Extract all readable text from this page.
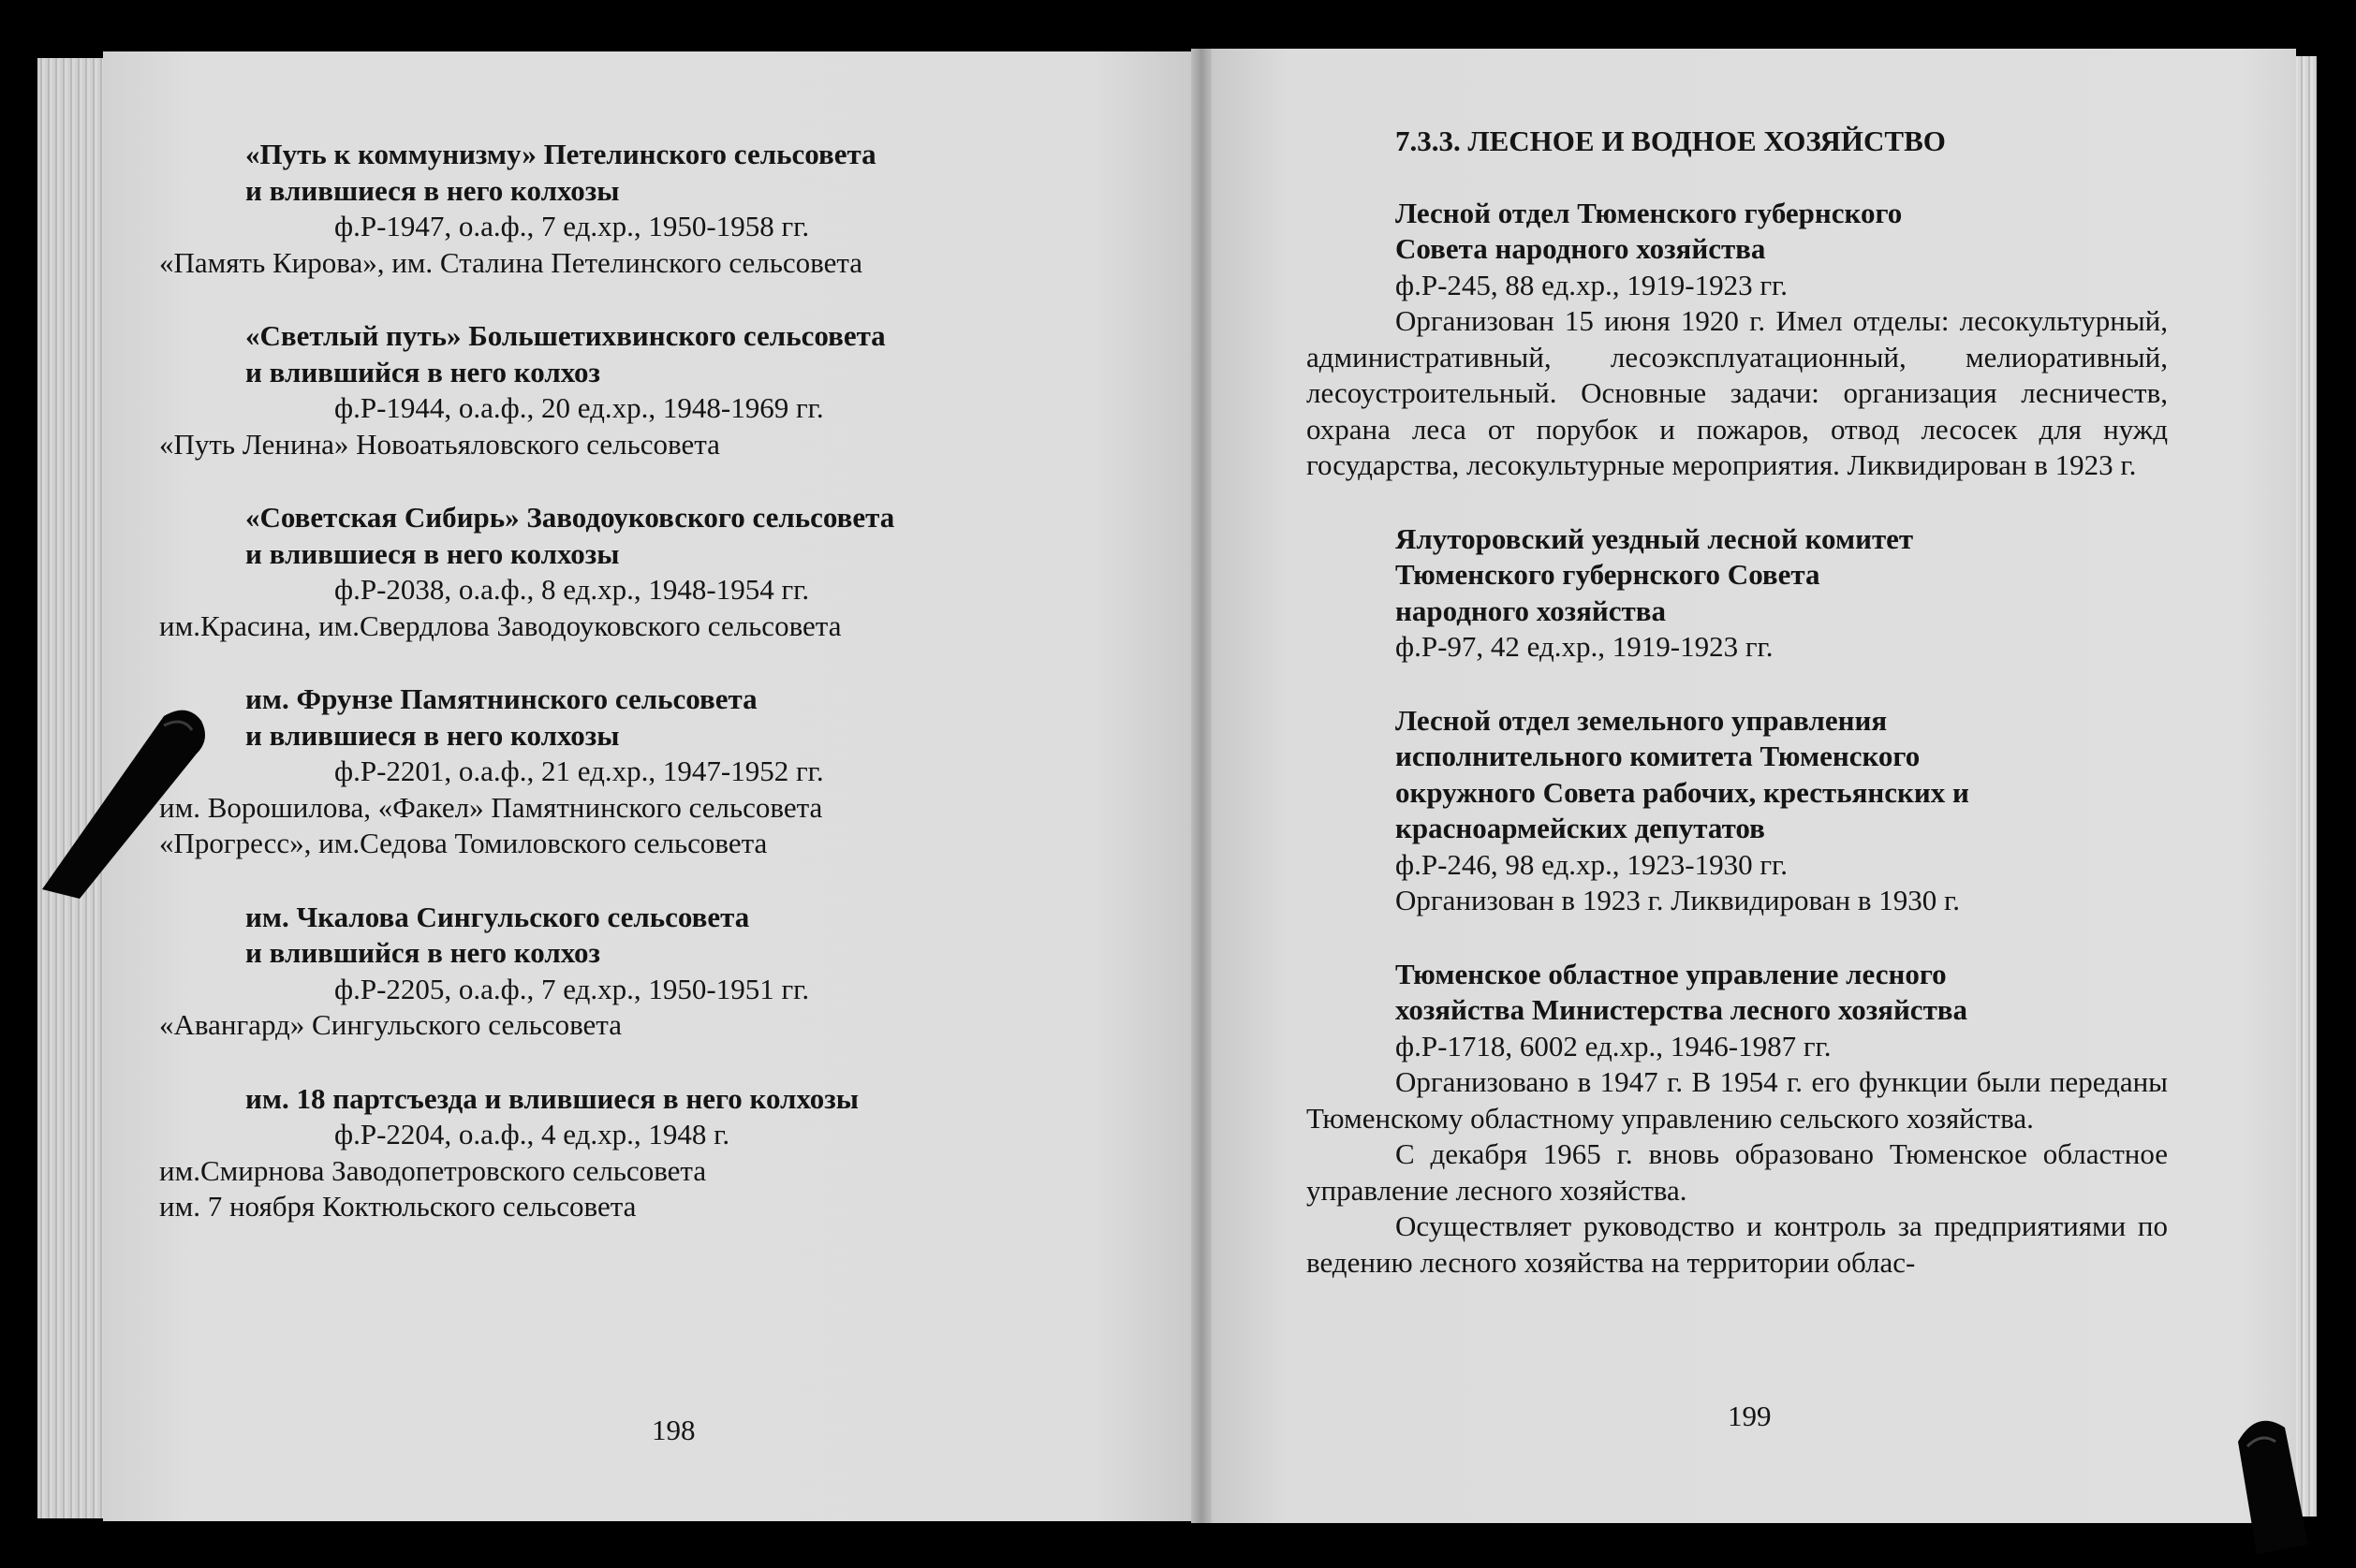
«Путь к коммунизму» Петелинского сельсовета
и влившиеся в него колхозы
ф.Р-1947, о.а.ф., 7 ед.хр., 1950-1958 гг.
«Память Кирова», им. Сталина Петелинского сельсовета
«Светлый путь» Большетихвинского сельсовета
и влившийся в него колхоз
ф.Р-1944, о.а.ф., 20 ед.хр., 1948-1969 гг.
«Путь Ленина» Новоатьяловского сельсовета
«Советская Сибирь» Заводоуковского сельсовета
и влившиеся в него колхозы
ф.Р-2038, о.а.ф., 8 ед.хр., 1948-1954 гг.
им.Красина, им.Свердлова Заводоуковского сельсовета
им. Фрунзе Памятнинского сельсовета
и влившиеся в него колхозы
ф.Р-2201, о.а.ф., 21 ед.хр., 1947-1952 гг.
им. Ворошилова, «Факел» Памятнинского сельсовета
«Прогресс», им.Седова Томиловского сельсовета
им. Чкалова Сингульского сельсовета
и влившийся в него колхоз
ф.Р-2205, о.а.ф., 7 ед.хр., 1950-1951 гг.
«Авангард» Сингульского сельсовета
им. 18 партсъезда и влившиеся в него колхозы
ф.Р-2204, о.а.ф., 4 ед.хр., 1948 г.
им.Смирнова Заводопетровского сельсовета
им. 7 ноября Коктюльского сельсовета
198
7.3.3. ЛЕСНОЕ И ВОДНОЕ ХОЗЯЙСТВО
Лесной отдел Тюменского губернского
Совета народного хозяйства
ф.Р-245, 88 ед.хр., 1919-1923 гг.

Организован 15 июня 1920 г. Имел отделы: лесокультурный, административный, лесоэксплуатационный, мелиоративный, лесоустроительный. Основные задачи: организация лесничеств, охрана леса от порубок и пожаров, отвод лесосек для нужд государства, лесокультурные мероприятия. Ликвидирован в 1923 г.

Ялуторовский уездный лесной комитет
Тюменского губернского Совета
народного хозяйства
ф.Р-97, 42 ед.хр., 1919-1923 гг.
Лесной отдел земельного управления
исполнительного комитета Тюменского
окружного Совета рабочих, крестьянских и
красноармейских депутатов
ф.Р-246, 98 ед.хр., 1923-1930 гг.

Организован в 1923 г. Ликвидирован в 1930 г.

Тюменское областное управление лесного
хозяйства Министерства лесного хозяйства
ф.Р-1718, 6002 ед.хр., 1946-1987 гг.

Организовано в 1947 г. В 1954 г. его функции были переданы Тюменскому областному управлению сельского хозяйства.

С декабря 1965 г. вновь образовано Тюменское областное управление лесного хозяйства.

Осуществляет руководство и контроль за предприятиями по ведению лесного хозяйства на территории облас-

199
